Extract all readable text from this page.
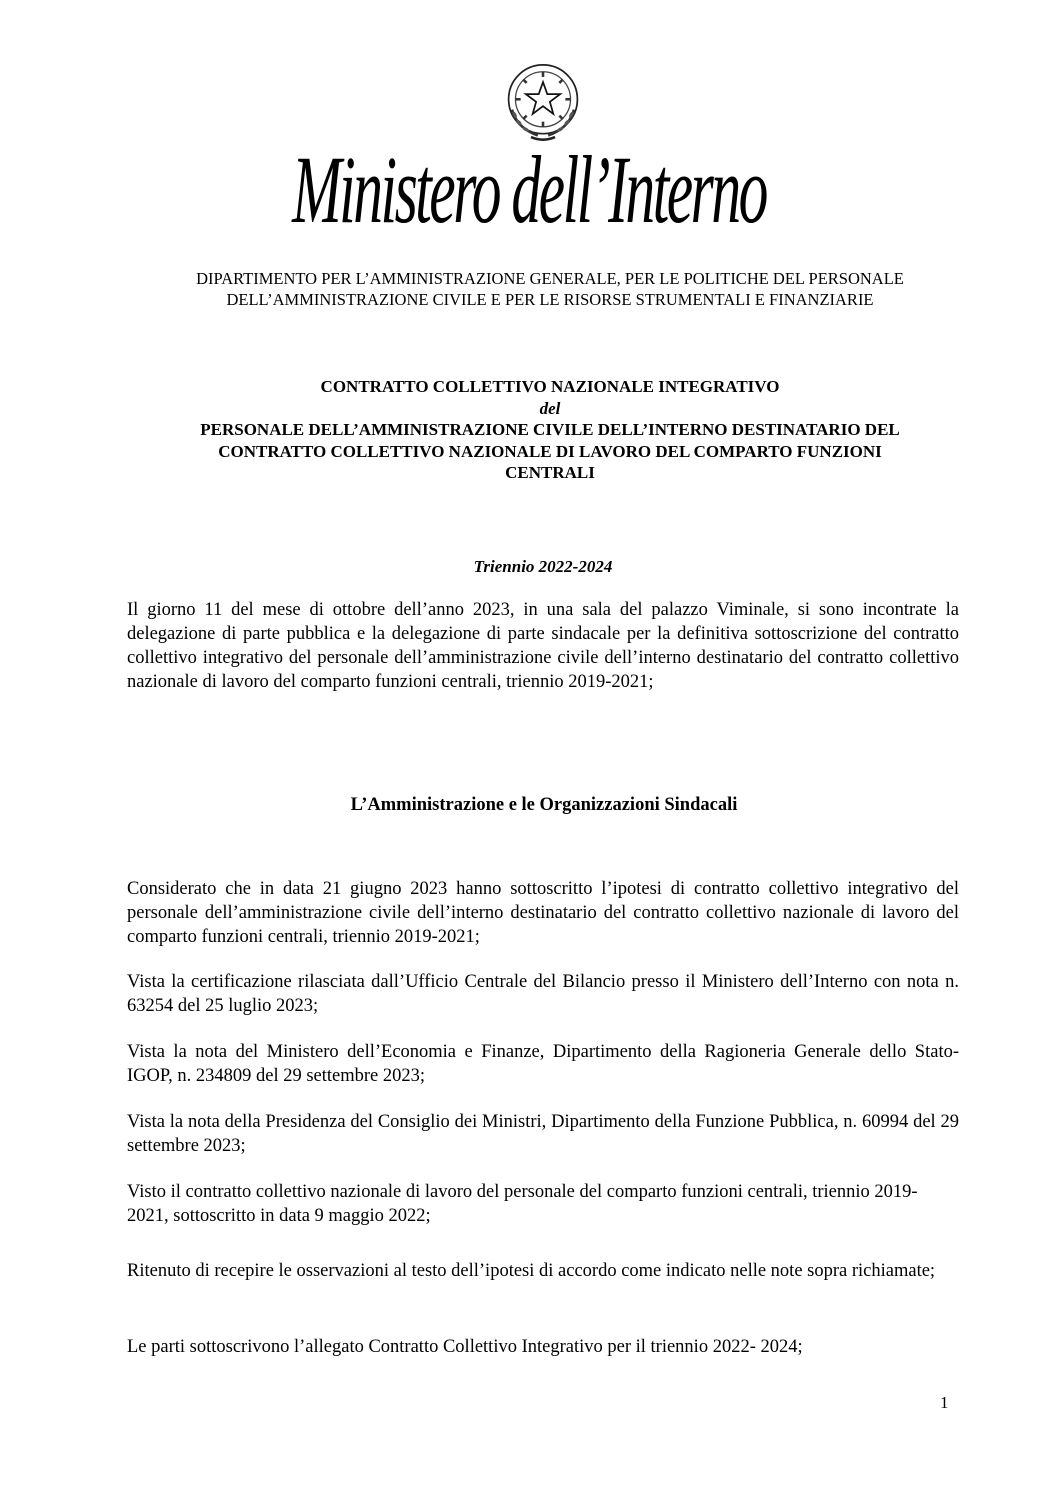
Ministero dell’Interno
DIPARTIMENTO PER L’AMMINISTRAZIONE GENERALE, PER LE POLITICHE DEL PERSONALE
DELL’AMMINISTRAZIONE CIVILE E PER LE RISORSE STRUMENTALI E FINANZIARIE
CONTRATTO COLLETTIVO NAZIONALE INTEGRATIVO
del
PERSONALE DELL’AMMINISTRAZIONE CIVILE DELL’INTERNO DESTINATARIO DEL
CONTRATTO COLLETTIVO NAZIONALE DI LAVORO DEL COMPARTO FUNZIONI
CENTRALI
Triennio 2022-2024
Il giorno 11 del mese di ottobre dell’anno 2023, in una sala del palazzo Viminale, si sono incontrate la delegazione di parte pubblica e la delegazione di parte sindacale per la definitiva sottoscrizione del contratto collettivo integrativo del personale dell’amministrazione civile dell’interno destinatario del contratto collettivo nazionale di lavoro del comparto funzioni centrali, triennio 2019-2021;
L’Amministrazione e le Organizzazioni Sindacali
Considerato che in data 21 giugno 2023 hanno sottoscritto l’ipotesi di contratto collettivo integrativo del personale dell’amministrazione civile dell’interno destinatario del contratto collettivo nazionale di lavoro del comparto funzioni centrali, triennio 2019-2021;
Vista la certificazione rilasciata dall’Ufficio Centrale del Bilancio presso il Ministero dell’Interno con nota n. 63254 del 25 luglio 2023;
Vista la nota del Ministero dell’Economia e Finanze, Dipartimento della Ragioneria Generale dello Stato- IGOP, n. 234809 del 29 settembre 2023;
Vista la nota della Presidenza del Consiglio dei Ministri, Dipartimento della Funzione Pubblica, n. 60994 del 29 settembre 2023;
Visto il contratto collettivo nazionale di lavoro del personale del comparto funzioni centrali, triennio 2019- 2021, sottoscritto in data 9 maggio 2022;
Ritenuto di recepire le osservazioni al testo dell’ipotesi di accordo come indicato nelle note sopra richiamate;
Le parti sottoscrivono l’allegato Contratto Collettivo Integrativo per il triennio 2022- 2024;
1
